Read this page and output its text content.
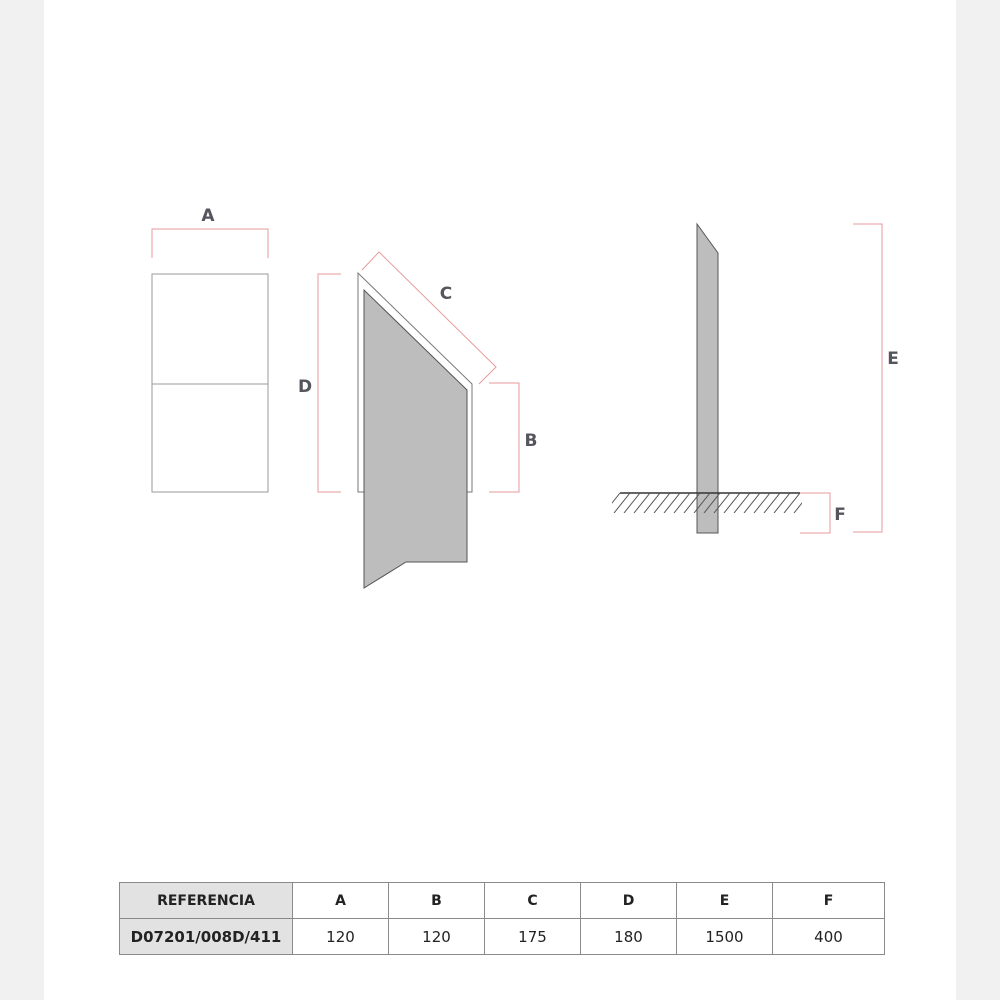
A
D
B
C
E
F
REFERENCIA	A	B	C	D	E	F
D07201/008D/411	120	120	175	180	1500	400
